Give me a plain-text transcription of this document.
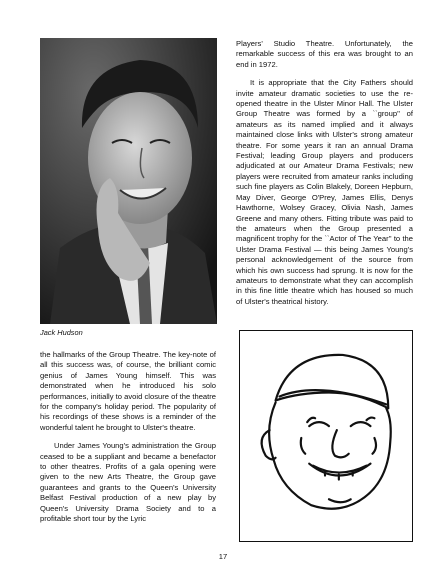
Jack Hudson

the hallmarks of the Group Theatre. The key-note of all this success was, of course, the brilliant comic genius of James Young himself. This was demonstrated when he introduced his solo performances, initially to avoid closure of the theatre for the company's holiday period. The popularity of his recordings of these shows is a reminder of the wonderful talent he brought to Ulster's theatre.

Under James Young's administration the Group ceased to be a suppliant and became a benefactor to other theatres. Profits of a gala opening were given to the new Arts Theatre, the Group gave guarantees and grants to the Queen's University Belfast Festival production of a new play by Queen's University Drama Society and to a profitable short tour by the Lyric

Players' Studio Theatre. Unfortunately, the remarkable success of this era was brought to an end in 1972.

It is appropriate that the City Fathers should invite amateur dramatic societies to use the re-opened theatre in the Ulster Minor Hall. The Ulster Group Theatre was formed by a ``group'' of amateurs as its named implied and it always maintained close links with Ulster's strong amateur theatre. For some years it ran an annual Drama Festival; leading Group players and producers adjudicated at our Amateur Drama Festivals; new players were recruited from amateur ranks including such fine players as Colin Blakely, Doreen Hepburn, May Diver, George O'Prey, James Ellis, Denys Hawthorne, Wolsey Gracey, Olivia Nash, James Greene and many others. Fitting tribute was paid to the amateurs when the Group presented a magnificent trophy for the ``Actor of The Year'' to the Ulster Drama Festival — this being James Young's personal acknowledgement of the source from which his own success had sprung. It is now for the amateurs to demonstrate what they can accomplish in this fine little theatre which has housed so much of Ulster's theatrical history.

17
